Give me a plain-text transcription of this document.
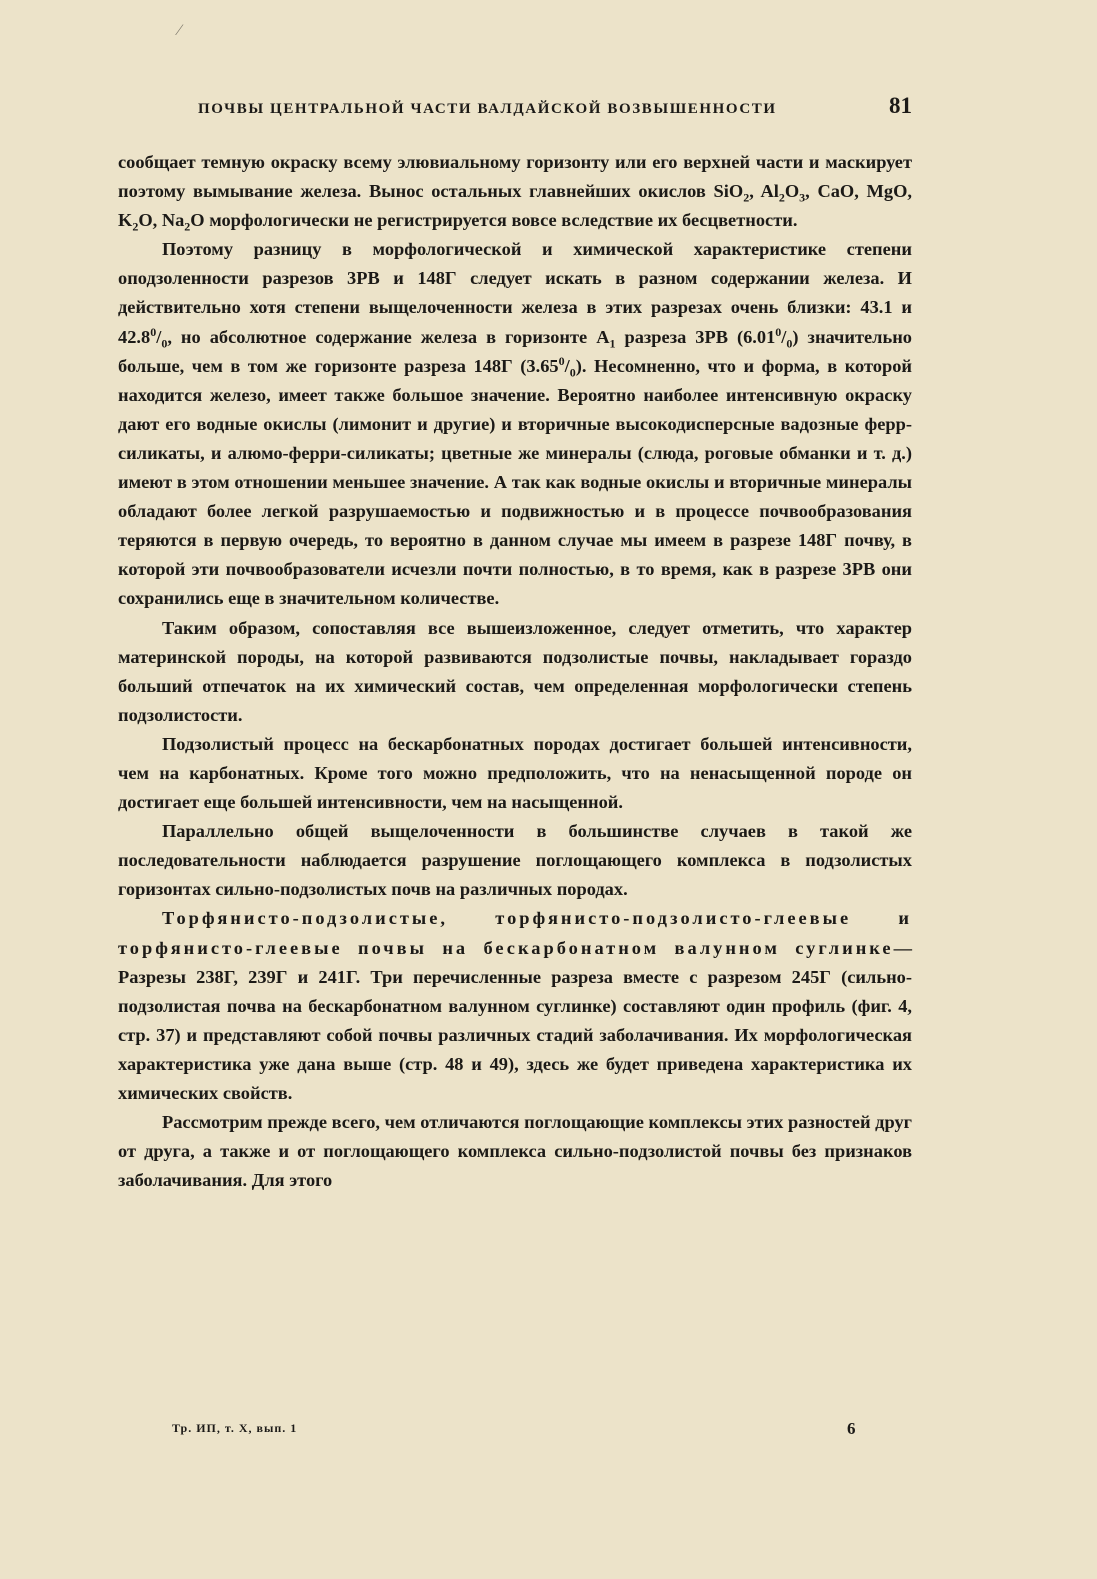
ПОЧВЫ ЦЕНТРАЛЬНОЙ ЧАСТИ ВАЛДАЙСКОЙ ВОЗВЫШЕННОСТИ	81

сообщает темную окраску всему элювиальному горизонту или его верхней части и маскирует поэтому вымывание железа. Вынос остальных главнейших окислов SiO$_2$, $Al_2O_3$, CaO, MgO, $K_2O$, $Na_2O$ морфологически не регистрируется вовсе вследствие их бесцветности.

Поэтому разницу в морфологической и химической характеристике степени оподзоленности разрезов 3РВ и 148Г следует искать в разном содержании железа. И действительно хотя степени выщелоченности железа в этих разрезах очень близки: 43.1 и $42.8^0/_0$, но абсолютное содержание железа в горизонте $A_1$ разреза 3РВ $(6.01^0/_0)$ значительно больше, чем в том же горизонте разреза 148Г $(3.65^0/_0)$. Несомненно, что и форма, в которой находится железо, имеет также большое значение. Вероятно наиболее интенсивную окраску дают его водные окислы (лимонит и другие) и вторичные высокодисперсные вадозные ферр-силикаты, и алюмо-ферри-силикаты; цветные же минералы (слюда, роговые обманки и т. д.) имеют в этом отношении меньшее значение. А так как водные окислы и вторичные минералы обладают более легкой разрушаемостью и подвижностью и в процессе почвообразования теряются в первую очередь, то вероятно в данном случае мы имеем в разрезе 148Г почву, в которой эти почвообразователи исчезли почти полностью, в то время, как в разрезе 3РВ они сохранились еще в значительном количестве.

Таким образом, сопоставляя все вышеизложенное, следует отметить, что характер материнской породы, на которой развиваются подзолистые почвы, накладывает гораздо больший отпечаток на их химический состав, чем определенная морфологически степень подзолистости.

Подзолистый процесс на бескарбонатных породах достигает большей интенсивности, чем на карбонатных. Кроме того можно предположить, что на ненасыщенной породе он достигает еще большей интенсивности, чем на насыщенной.

Параллельно общей выщелоченности в большинстве случаев в такой же последовательности наблюдается разрушение поглощающего комплекса в подзолистых горизонтах сильно-подзолистых почв на различных породах.

Торфянисто-подзолистые, торфянисто-подзолисто-глеевые и торфянисто-глеевые почвы на бескарбонатном валунном суглинке—Разрезы 238Г, 239Г и 241Г. Три перечисленные разреза вместе с разрезом 245Г (сильно-подзолистая почва на бескарбонатном валунном суглинке) составляют один профиль (фиг. 4, стр. 37) и представляют собой почвы различных стадий заболачивания. Их морфологическая характеристика уже дана выше (стр. 48 и 49), здесь же будет приведена характеристика их химических свойств.

Рассмотрим прежде всего, чем отличаются поглощающие комплексы этих разностей друг от друга, а также и от поглощающего комплекса сильно-подзолистой почвы без признаков заболачивания. Для этого

Тр. ИП, т. X, вып. 1	6
⁄
